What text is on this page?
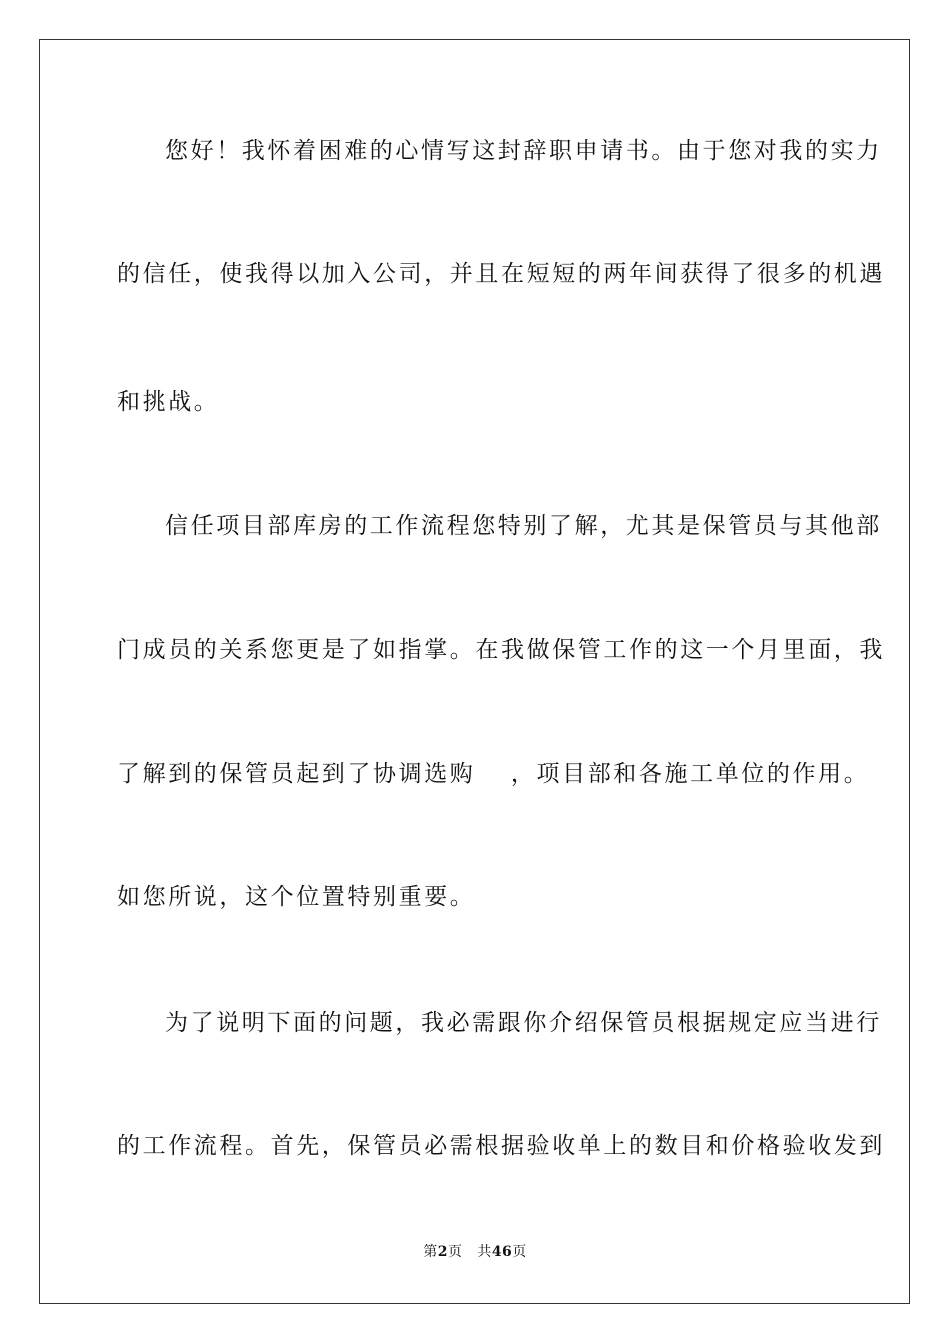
您好！我怀着困难的心情写这封辞职申请书。由于您对我的实力
的信任，使我得以加入公司，并且在短短的两年间获得了很多的机遇
和挑战。
信任项目部库房的工作流程您特别了解，尤其是保管员与其他部
门成员的关系您更是了如指掌。在我做保管工作的这一个月里面，我
了解到的保管员起到了协调选购　 ，项目部和各施工单位的作用。
如您所说，这个位置特别重要。
为了说明下面的问题，我必需跟你介绍保管员根据规定应当进行
的工作流程。首先，保管员必需根据验收单上的数目和价格验收发到
第2页 共46页
